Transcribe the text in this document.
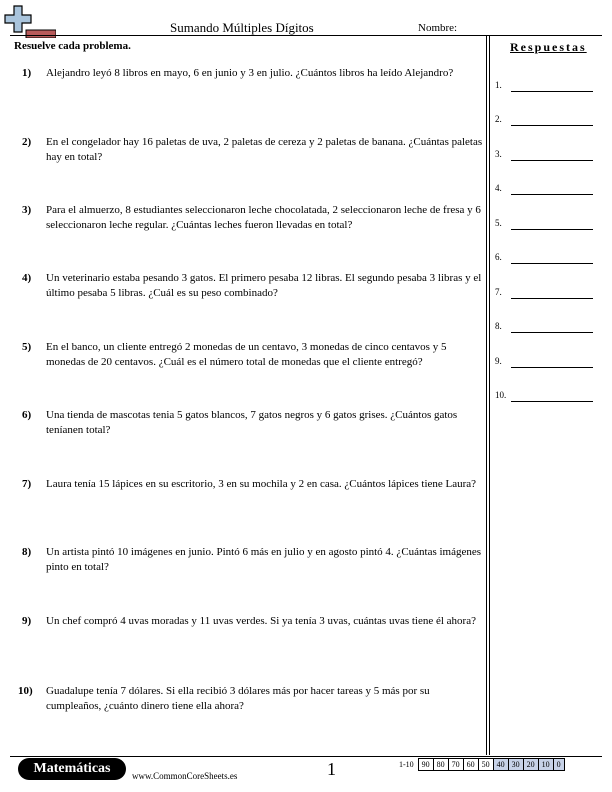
Sumando Múltiples Dígitos	Nombre:
Resuelve cada problema.	Respuestas
1.
2.
3.
4.
5.
6.
7.
8.
9.
10.
1) Alejandro leyó 8 libros en mayo, 6 en junio y 3 en julio. ¿Cuántos libros ha leído Alejandro?
2) En el congelador hay 16 paletas de uva, 2 paletas de cereza y 2 paletas de banana. ¿Cuántas paletas hay en total?
3) Para el almuerzo, 8 estudiantes seleccionaron leche chocolatada, 2 seleccionaron leche de fresa y 6 seleccionaron leche regular. ¿Cuántas leches fueron llevadas en total?
4) Un veterinario estaba pesando 3 gatos. El primero pesaba 12 libras. El segundo pesaba 3 libras y el último pesaba 5 libras. ¿Cuál es su peso combinado?
5) En el banco, un cliente entregó 2 monedas de un centavo, 3 monedas de cinco centavos y 5 monedas de 20 centavos. ¿Cuál es el número total de monedas que el cliente entregó?
6) Una tienda de mascotas tenia 5 gatos blancos, 7 gatos negros y 6 gatos grises. ¿Cuántos gatos teníanen total?
7) Laura tenía 15 lápices en su escritorio, 3 en su mochila y 2 en casa. ¿Cuántos lápices tiene Laura?
8) Un artista pintó 10 imágenes en junio. Pintó 6 más en julio y en agosto pintó 4. ¿Cuántas imágenes pinto en total?
9) Un chef compró 4 uvas moradas y 11 uvas verdes. Si ya tenía 3 uvas, cuántas uvas tiene él ahora?
10) Guadalupe tenía 7 dólares. Si ella recibió 3 dólares más por hacer tareas y 5 más por su cumpleaños, ¿cuánto dinero tiene ella ahora?
Matemáticas	www.CommonCoreSheets.es	1	1-10	90	80	70	60	50	40	30	20	10	0
